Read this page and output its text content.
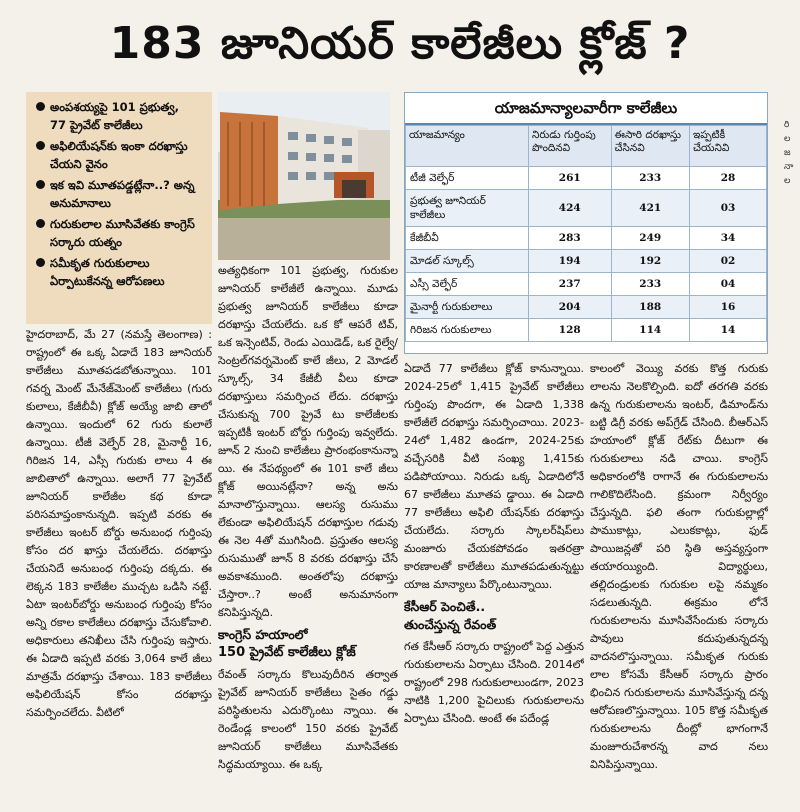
183 జూనియర్ కాలేజీలు క్లోజ్ ?
అంపశయ్యపై 101 ప్రభుత్వ,
77 ప్రైవేట్ కాలేజీలు
అఫిలియేషన్‌కు ఇంకా దరఖాస్తు చేయని వైనం
ఇక ఇవి మూతపడ్డట్లేనా..? అన్న అనుమానాలు
గురుకులాల మూసివేతకు కాంగ్రెస్ సర్కారు యత్నం
సమీకృత గురుకులాలు ఏర్పాటుకేనన్న ఆరోపణలు
యాజమాన్యాలవారీగా కాలేజీలు
యాజమాన్యం	నిరుడు గుర్తింపు పొందినవి	ఈసారి దరఖాస్తు చేసినవి	ఇప్పటికీ చేయనివి
టీజీ వెల్ఫేర్	261	233	28
ప్రభుత్వ జూనియర్ కాలేజీలు	424	421	03
కేజీబీవీ	283	249	34
మోడల్ స్కూల్స్	194	192	02
ఎస్సీ వెల్ఫేర్	237	233	04
మైనార్టీ గురుకులాలు	204	188	16
గిరిజన గురుకులాలు	128	114	14

హైదరాబాద్, మే 27 (నమస్తే తెలంగాణ) : రాష్ట్రంలో ఈ ఒక్క ఏడాదే 183 జూనియర్ కాలేజీలు మూతపడబోతున్నాయి. 101 గవర్న మెంట్ మేనేజ్‌మెంట్ కాలేజీలు (గురు కులాలు, కేజీబీవీ) క్లోజ్ అయ్యే జాబి తాలో ఉన్నాయి. ఇందులో 62 గురు కులాలే ఉన్నాయి. టీజీ వెల్ఫేర్ 28, మైనార్టీ 16, గిరిజన 14, ఎస్సీ గురుకు లాలు 4 ఈ జాబితాలో ఉన్నాయి. అలాగే 77 ప్రైవేట్ జూనియర్ కాలేజీల కథ కూడా పరిసమాప్తంకానున్నది. ఇప్పటి వరకు ఈ కాలేజీలు ఇంటర్ బోర్డు అనుబంధ గుర్తింపు కోసం దర ఖాస్తు చేయలేదు. దరఖాస్తు చేయనిదే అనుబంధ గుర్తింపు దక్కదు. ఈ లెక్కన 183 కాలేజీల ముచ్చట ఒడిసి నట్టే. ఏటా ఇంటర్‌బోర్డు అనుబంధ గుర్తింపు కోసం అన్ని రకాల కాలేజీలు దరఖాస్తు చేసుకోవాలి. అధికారులు తనిఖీలు చేసి గుర్తింపు ఇస్తారు. ఈ ఏడాది ఇప్పటి వరకు 3,064 కాలే జీలు మాత్రమే దరఖాస్తు చేశాయి. 183 కాలేజీలు అఫిలియేషన్ కోసం దరఖాస్తు సమర్పించలేదు. వీటిలో

అత్యధికంగా 101 ప్రభుత్వ, గురుకుల జూనియర్ కాలేజీలే ఉన్నాయి. మూడు ప్రభుత్వ జూనియర్ కాలేజీలు కూడా దరఖాస్తు చేయలేదు. ఒక కో ఆపరే టివ్, ఒక ఇన్సెంటివ్, రెండు ఎయిడెడ్, ఒక రైల్వే/సెంట్రల్‌గవర్నమెంట్ కాలే జీలు, 2 మోడల్ స్కూల్స్, 34 కేజీబీ వీలు కూడా దరఖాస్తులు సమర్పించ లేదు. దరఖాస్తు చేసుకున్న 700 ప్రైవే టు కాలేజీలకు ఇప్పటికీ ఇంటర్ బోర్డు గుర్తింపు ఇవ్వలేదు. జూన్ 2 నుంచి కాలేజీలు ప్రారంభంకానున్నా యి. ఈ నేపథ్యంలో ఈ 101 కాలే జీలు క్లోజ్ అయినట్లేనా? అన్న అను మానాలొస్తున్నాయి. ఆలస్య రుసుము లేకుండా అఫిలియేషన్ దరఖాస్తుల గడువు ఈ నెల 4తో ముగిసింది. ప్రస్తుతం ఆలస్య రుసుముతో జూన్ 8 వరకు దరఖాస్తు చేసే అవకాశముంది. అంతలోపు దరఖాస్తు చేస్తారా..? అంటే అనుమానంగా కనిపిస్తున్నది.

కాంగ్రెస్ హయాంలో
150 ప్రైవేట్ కాలేజీలు క్లోజ్

రేవంత్ సర్కారు కొలువుదీరిన తర్వాత ప్రైవేట్ జూనియర్ కాలేజీలు సైతం గడ్డు పరిస్థితులను ఎదుర్కొంటు న్నాయి. ఈ రెండేండ్ల కాలంలో 150 వరకు ప్రైవేట్ జూనియర్ కాలేజీలు మూసివేతకు సిద్ధమయ్యాయి. ఈ ఒక్క

ఏడాదే 77 కాలేజీలు క్లోజ్ కానున్నాయి. 2024-25లో 1,415 ప్రైవేట్ కాలేజీలు గుర్తింపు పొందగా, ఈ ఏడాది 1,338 కాలేజీలే దరఖాస్తు సమర్పించాయి. 2023-24లో 1,482 ఉండగా, 2024-25కు వచ్చేసరికి వీటి సంఖ్య 1,415కు పడిపోయాయి. నిరుడు ఒక్క ఏడాదిలోనే 67 కాలేజీలు మూతప డ్డాయి. ఈ ఏడాది 77 కాలేజీలు అఫిలి యేషన్‌కు దరఖాస్తు చేయలేదు. సర్కారు స్కాలర్‌షిప్‌లు మంజూరు చేయకపోవడం ఇతరత్రా కారణాలతో కాలేజీలు మూతపడుతున్నట్టు యాజ మాన్యాలు పేర్కొంటున్నాయి.

కేసీఆర్ పెంచితే..
తుంచేస్తున్న రేవంత్

గత కేసీఆర్ సర్కారు రాష్ట్రంలో పెద్ద ఎత్తున గురుకులాలను ఏర్పాటు చేసింది. 2014లో రాష్ట్రంలో 298 గురుకులాలుండగా, 2023 నాటికి 1,200 పైచిలుకు గురుకులాలను ఏర్పాటు చేసింది. అంటే ఈ పదేండ్ల

కాలంలో వెయ్యి వరకు కొత్త గురుకు లాలను నెలకొల్పింది. ఐదో తరగతి వరకు ఉన్న గురుకులాలను ఇంటర్, డిమాండ్‌ను బట్టి డిగ్రీ వరకు అప్‌గ్రేడ్ చేసింది. బీఆర్‌ఎస్ హయాంలో క్లోజ్ రేట్‌కు దీటుగా ఈ గురుకులాలు నడి చాయి. కాంగ్రెస్ అధికారంలోకి రాగానే ఈ గురుకులాలను గాలికొదిలేసింది. క్రమంగా నిర్వీర్యం చేస్తున్నది. ఫలి తంగా గురుకుల్లాల్లో పాముకాట్లు, ఎలుకకాట్లు, ఫుడ్ పాయిజన్లతో పరి స్థితి అస్తవ్యస్తంగా తయారయ్యింది. విద్యార్థులు, తల్లిదండ్రులకు గురుకుల లపై నమ్మకం సడలుతున్నది. ఈక్రమం లోనే గురుకులాలను మూసివేసేందుకు సర్కారు పావులు కదుపుతున్నదన్న వాదనలొస్తున్నాయి. సమీకృత గురుకు లాల కోసమే కేసీఆర్ సర్కారు ప్రారం భించిన గురుకులాలను మూసివేస్తున్న దన్న ఆరోపణలొస్తున్నాయి. 105 కొత్త సమీకృత గురుకులాలను దీంట్లో భాగంగానే మంజూరుచేశారన్న వాద నలు వినిపిస్తున్నాయి.

రి ల జ నా ల
